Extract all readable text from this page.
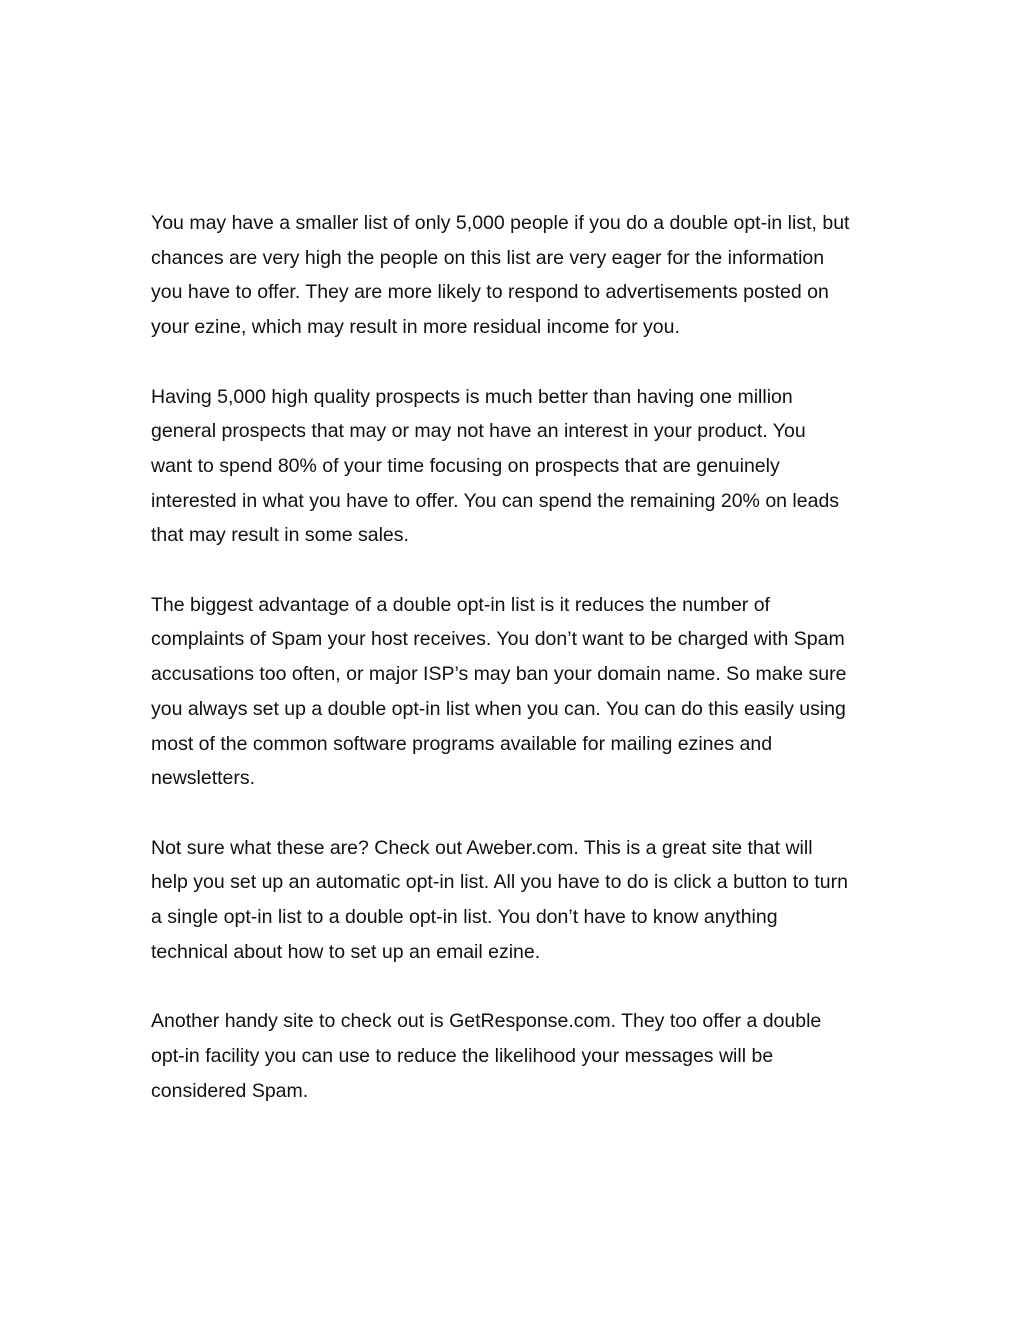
You may have a smaller list of only 5,000 people if you do a double opt-in list, but
chances are very high the people on this list are very eager for the information
you have to offer. They are more likely to respond to advertisements posted on
your ezine, which may result in more residual income for you.

Having 5,000 high quality prospects is much better than having one million
general prospects that may or may not have an interest in your product. You
want to spend 80% of your time focusing on prospects that are genuinely
interested in what you have to offer. You can spend the remaining 20% on leads
that may result in some sales.

The biggest advantage of a double opt-in list is it reduces the number of
complaints of Spam your host receives. You don’t want to be charged with Spam
accusations too often, or major ISP’s may ban your domain name. So make sure
you always set up a double opt-in list when you can. You can do this easily using
most of the common software programs available for mailing ezines and
newsletters.

Not sure what these are? Check out Aweber.com. This is a great site that will
help you set up an automatic opt-in list. All you have to do is click a button to turn
a single opt-in list to a double opt-in list. You don’t have to know anything
technical about how to set up an email ezine.

Another handy site to check out is GetResponse.com. They too offer a double
opt-in facility you can use to reduce the likelihood your messages will be
considered Spam.
